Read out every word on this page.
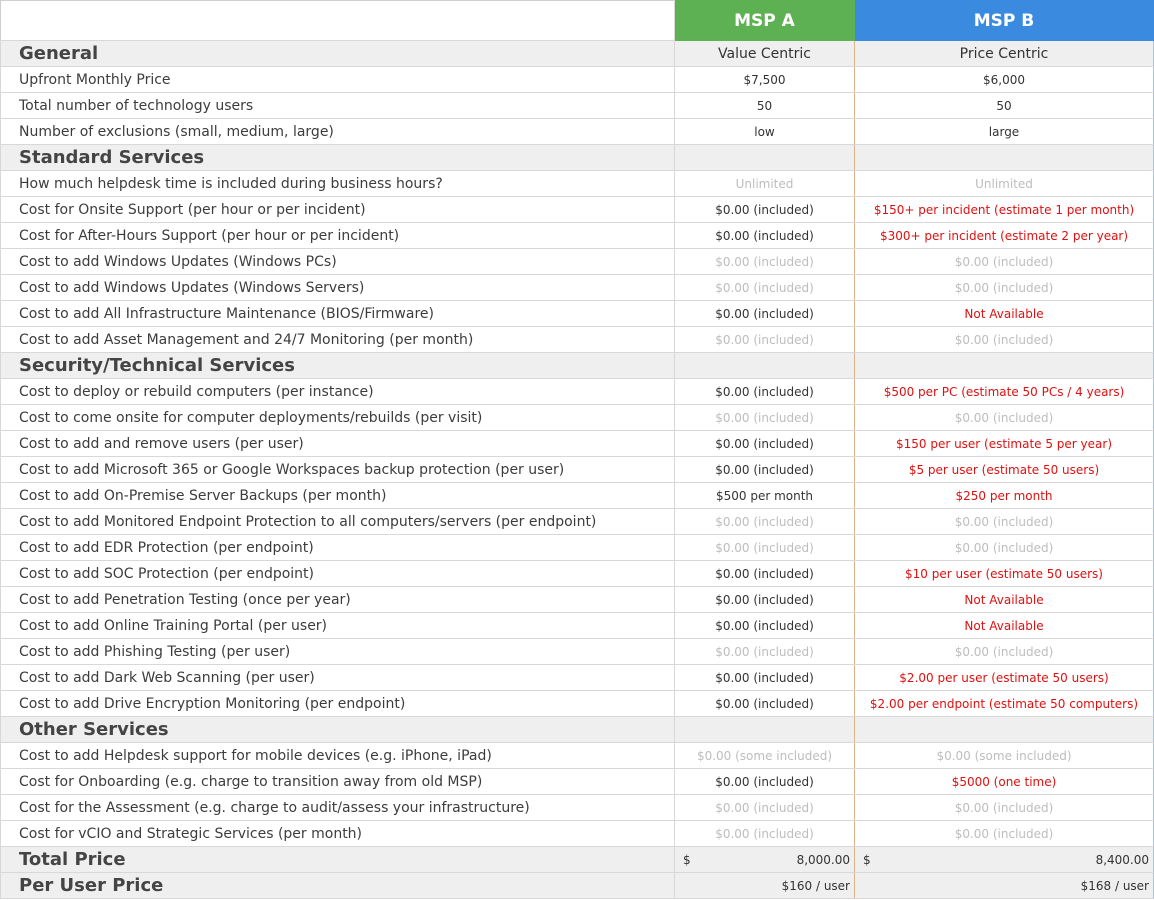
	MSP A	MSP B
General	Value Centric	Price Centric
Upfront Monthly Price	$7,500	$6,000
Total number of technology users	50	50
Number of exclusions (small, medium, large)	low	large
Standard Services		
How much helpdesk time is included during business hours?	Unlimited	Unlimited
Cost for Onsite Support (per hour or per incident)	$0.00 (included)	$150+ per incident (estimate 1 per month)
Cost for After-Hours Support (per hour or per incident)	$0.00 (included)	$300+ per incident (estimate 2 per year)
Cost to add Windows Updates (Windows PCs)	$0.00 (included)	$0.00 (included)
Cost to add Windows Updates (Windows Servers)	$0.00 (included)	$0.00 (included)
Cost to add All Infrastructure Maintenance (BIOS/Firmware)	$0.00 (included)	Not Available
Cost to add Asset Management and 24/7 Monitoring (per month)	$0.00 (included)	$0.00 (included)
Security/Technical Services		
Cost to deploy or rebuild computers (per instance)	$0.00 (included)	$500 per PC (estimate 50 PCs / 4 years)
Cost to come onsite for computer deployments/rebuilds (per visit)	$0.00 (included)	$0.00 (included)
Cost to add and remove users (per user)	$0.00 (included)	$150 per user (estimate 5 per year)
Cost to add Microsoft 365 or Google Workspaces backup protection (per user)	$0.00 (included)	$5 per user (estimate 50 users)
Cost to add On-Premise Server Backups (per month)	$500 per month	$250 per month
Cost to add Monitored Endpoint Protection to all computers/servers (per endpoint)	$0.00 (included)	$0.00 (included)
Cost to add EDR Protection (per endpoint)	$0.00 (included)	$0.00 (included)
Cost to add SOC Protection (per endpoint)	$0.00 (included)	$10 per user (estimate 50 users)
Cost to add Penetration Testing (once per year)	$0.00 (included)	Not Available
Cost to add Online Training Portal (per user)	$0.00 (included)	Not Available
Cost to add Phishing Testing (per user)	$0.00 (included)	$0.00 (included)
Cost to add Dark Web Scanning (per user)	$0.00 (included)	$2.00 per user (estimate 50 users)
Cost to add Drive Encryption Monitoring (per endpoint)	$0.00 (included)	$2.00 per endpoint (estimate 50 computers)
Other Services		
Cost to add Helpdesk support for mobile devices (e.g. iPhone, iPad)	$0.00 (some included)	$0.00 (some included)
Cost for Onboarding (e.g. charge to transition away from old MSP)	$0.00 (included)	$5000 (one time)
Cost for the Assessment (e.g. charge to audit/assess your infrastructure)	$0.00 (included)	$0.00 (included)
Cost for vCIO and Strategic Services (per month)	$0.00 (included)	$0.00 (included)
Total Price	$ 8,000.00	$ 8,400.00

Per User Price	$160 / user	$168 / user
